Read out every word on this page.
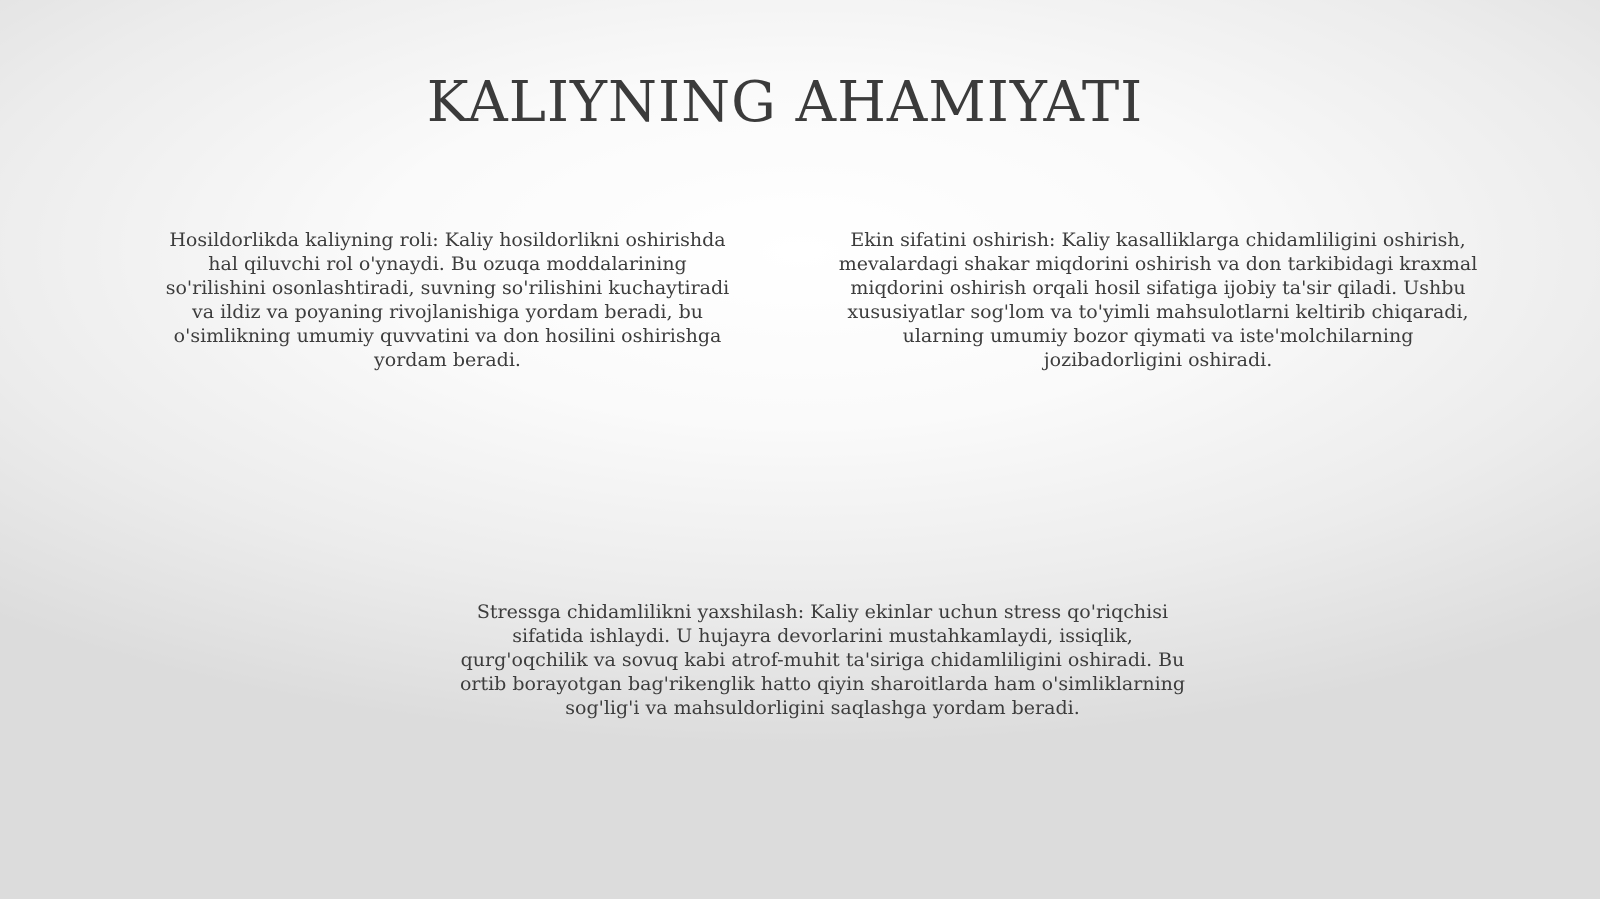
KALIYNING AHAMIYATI

Hosildorlikda kaliyning roli: Kaliy hosildorlikni oshirishda hal qiluvchi rol o'ynaydi. Bu ozuqa moddalarining so'rilishini osonlashtiradi, suvning so'rilishini kuchaytiradi va ildiz va poyaning rivojlanishiga yordam beradi, bu o'simlikning umumiy quvvatini va don hosilini oshirishga yordam beradi.

Ekin sifatini oshirish: Kaliy kasalliklarga chidamliligini oshirish, mevalardagi shakar miqdorini oshirish va don tarkibidagi kraxmal miqdorini oshirish orqali hosil sifatiga ijobiy ta'sir qiladi. Ushbu xususiyatlar sog'lom va to'yimli mahsulotlarni keltirib chiqaradi, ularning umumiy bozor qiymati va iste'molchilarning jozibadorligini oshiradi.

Stressga chidamlilikni yaxshilash: Kaliy ekinlar uchun stress qo'riqchisi sifatida ishlaydi. U hujayra devorlarini mustahkamlaydi, issiqlik, qurg'oqchilik va sovuq kabi atrof-muhit ta'siriga chidamliligini oshiradi. Bu ortib borayotgan bag'rikenglik hatto qiyin sharoitlarda ham o'simliklarning sog'lig'i va mahsuldorligini saqlashga yordam beradi.
